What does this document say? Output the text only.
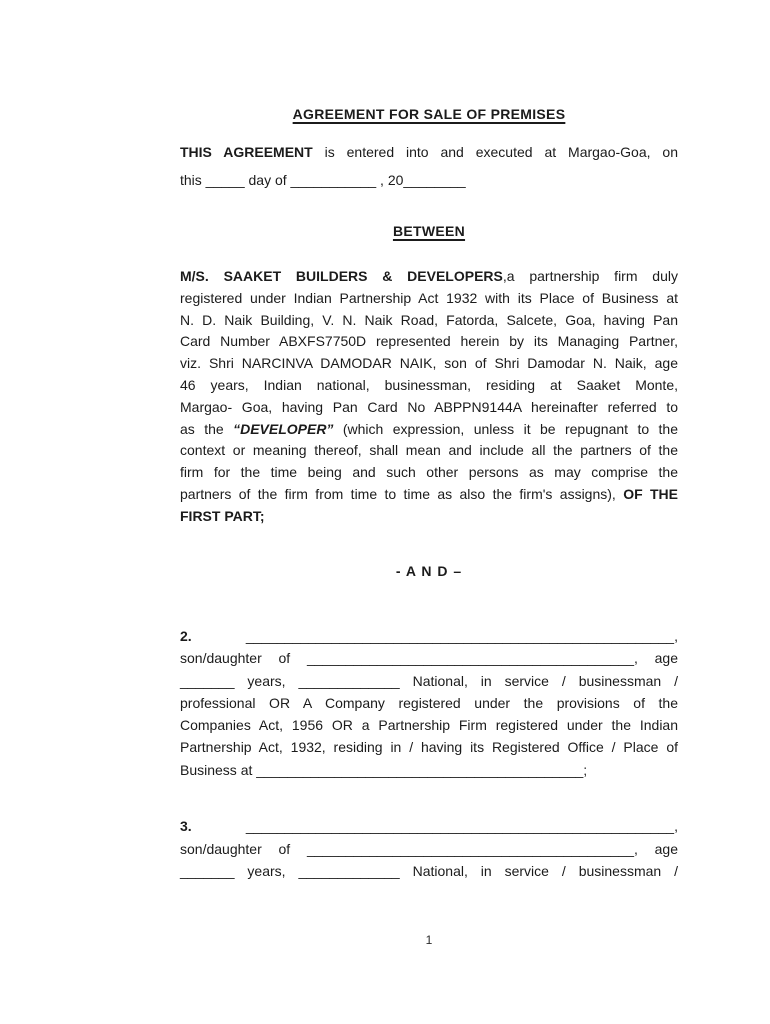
AGREEMENT FOR SALE OF PREMISES
THIS AGREEMENT is entered into and executed at Margao-Goa, on
this _____ day of ___________ , 20________
BETWEEN
M/S. SAAKET BUILDERS & DEVELOPERS,a partnership firm duly
registered under Indian Partnership Act 1932 with its Place of Business at
N. D. Naik Building, V. N. Naik Road, Fatorda, Salcete, Goa, having Pan
Card Number ABXFS7750D represented herein by its Managing Partner,
viz. Shri NARCINVA DAMODAR NAIK, son of Shri Damodar N. Naik, age
46 years, Indian national, businessman, residing at Saaket Monte,
Margao- Goa, having Pan Card No ABPPN9144A hereinafter referred to
as the “DEVELOPER” (which expression, unless it be repugnant to the
context or meaning thereof, shall mean and include all the partners of the
firm for the time being and such other persons as may comprise the
partners of the firm from time to time as also the firm's assigns), OF THE
FIRST PART;
- A N D –
2. _______________________________________________________,
son/daughter of __________________________________________, age
_______ years, _____________ National, in service / businessman /
professional OR A Company registered under the provisions of the
Companies Act, 1956 OR a Partnership Firm registered under the Indian
Partnership Act, 1932, residing in / having its Registered Office / Place of
Business at __________________________________________;
3. _______________________________________________________,
son/daughter of __________________________________________, age
_______ years, _____________ National, in service / businessman /
1
